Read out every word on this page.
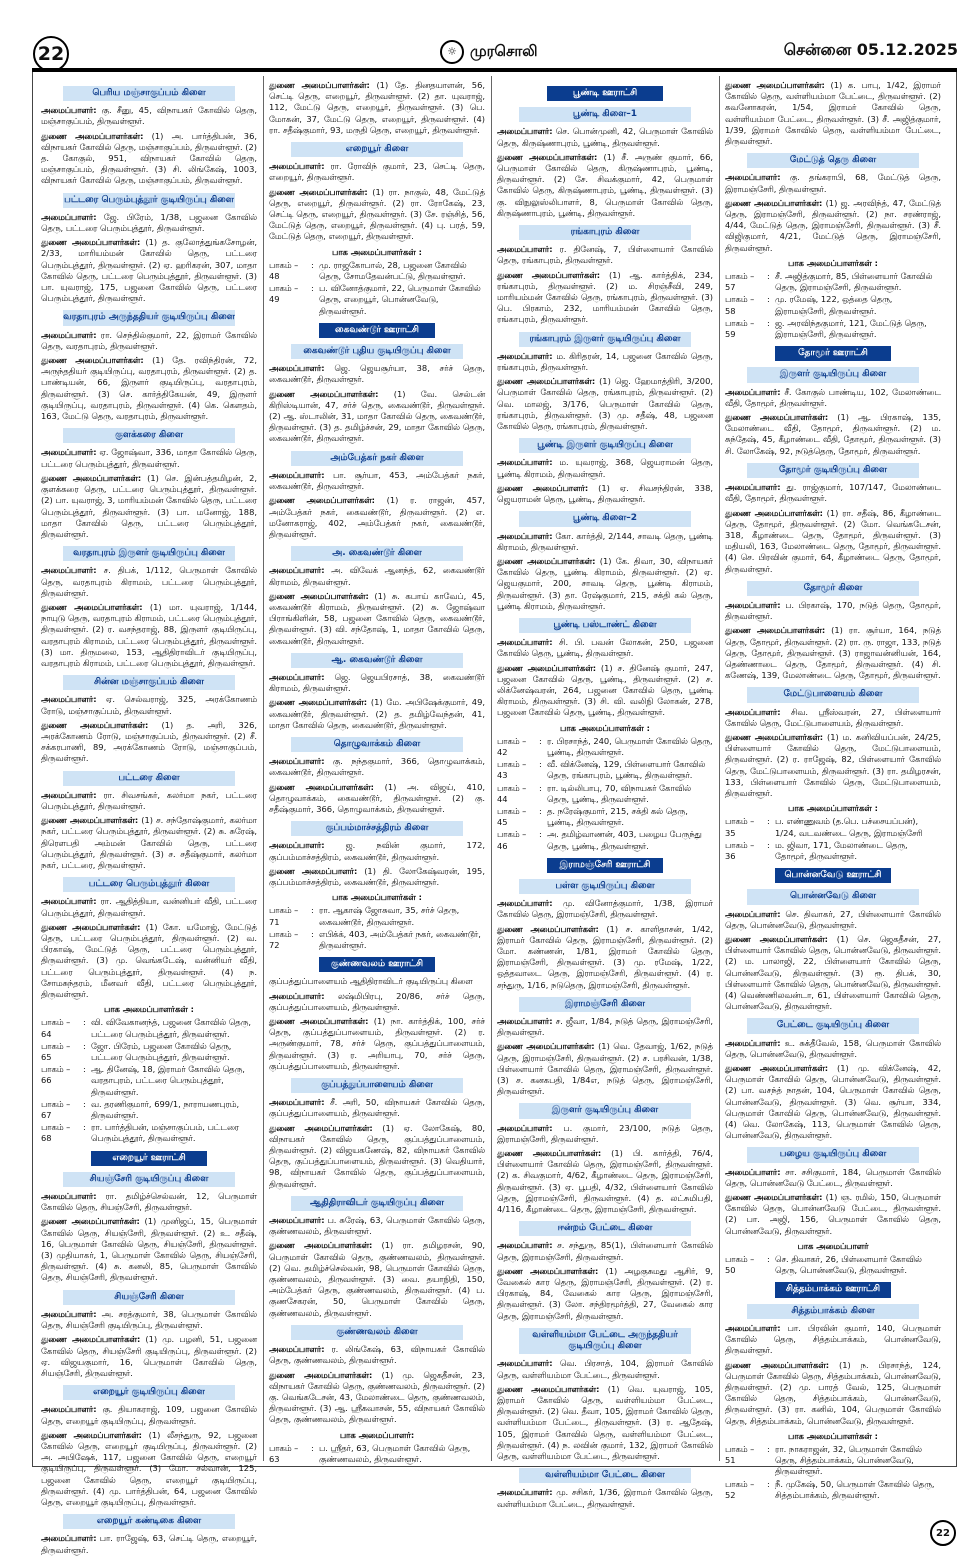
22	☼ முரசொலி	சென்னை 05.12.2025
பெரிய மஞ்சாகுப்பம் கிளை
அமைப்பாளர்: கு. சீனு, 45, விநாயகர் கோவில் தெரு, மஞ்சாகுப்பம், திருவள்ளூர்.
துணை அமைப்பாளர்கள்: (1) அ. பார்த்திபன், 36, விநாயகர் கோவில் தெரு, மஞ்சாகுப்பம், திருவள்ளூர். (2) த. கோகுல், 951, விநாயகர் கோவில் தெரு, மஞ்சாகுப்பம், திருவள்ளூர். (3) சி. லிங்கேஷ், 1003, விநாயகர் கோவில் தெரு, மஞ்சாகுப்பம், திருவள்ளூர்.
பட்டரை பெரும்புத்தூர் குடியிருப்பு கிளை
அமைப்பாளர்: ஜே. பிரேம், 1/38, பஜனை கோவில் தெரு, பட்டரை பெரும்புத்தூர், திருவள்ளூர்.
துணை அமைப்பாளர்கள்: (1) த. குலோத்துங்கசோழன், 2/33, மாரியம்மன் கோவில் தெரு, பட்டரை பெரும்புத்தூர், திருவள்ளூர். (2) ஏ. ஹரிகரன், 307, மாதா கோவில் தெரு, பட்டரை பெரும்புத்தூர், திருவள்ளூர். (3) பா. யுவராஜ், 175, பஜனை கோவில் தெரு, பட்டரை பெரும்புத்தூர், திருவள்ளூர்.
வரதாபுரம் அருந்ததியர் குடியிருப்பு கிளை
அமைப்பாளர்: ரா. செந்தில்குமார், 22, இராமர் கோவில் தெரு, வரதாபுரம், திருவள்ளூர்.
துணை அமைப்பாளர்கள்: (1) தே. ரவிந்திரன், 72, அருந்ததியர் குடியிருப்பு, வரதாபுரம், திருவள்ளூர். (2) த. பாண்டியன், 66, இருளர் குடியிருப்பு, வரதாபுரம், திருவள்ளூர். (3) செ. கார்த்திகேயன், 49, இருளர் குடியிருப்பு, வரதாபுரம், திருவள்ளூர். (4) கெ. கௌதம், 163, மேட்டு தெரு, வரதாபுரம், திருவள்ளூர்.
குளக்கரை கிளை
அமைப்பாளர்: ஏ. ஜோஷ்வா, 336, மாதா கோவில் தெரு, பட்டரை பெரும்புத்தூர், திருவள்ளூர்.
துணை அமைப்பாளர்கள்: (1) செ. இன்பத்தமிழன், 2, குளக்கரை தெரு, பட்டரை பெரும்புத்தூர், திருவள்ளூர். (2) பா. யுவராஜ், 3, மாரியம்மன் கோவில் தெரு, பட்டரை பெரும்புத்தூர், திருவள்ளூர். (3) பா. மனோஜ், 188, மாதா கோவில் தெரு, பட்டரை பெரும்புத்தூர், திருவள்ளூர்.
வரதாபுரம் இருளர் குடியிருப்பு கிளை
அமைப்பாளர்: ச. திபக், 1/112, பெருமாள் கோவில் தெரு, வரதாபுரம் கிராமம், பட்டரை பெரும்புத்தூர், திருவள்ளூர்.
துணை அமைப்பாளர்கள்: (1) மா. யுவராஜ், 1/144, நாயுடு தெரு, வரதாபுரம் கிராமம், பட்டரை பெரும்புத்தூர், திருவள்ளூர். (2) ர. வசந்தராஜ், 88, இருளர் குடியிருப்பு, வரதாபுரம் கிராமம், பட்டரை பெரும்புத்தூர், திருவள்ளூர். (3) மா. திருமலை, 153, ஆதிதிராவிடர் குடியிருப்பு, வரதாபுரம் கிராமம், பட்டரை பெரும்புத்தூர், திருவள்ளூர்.
சின்ன மஞ்சாகுப்பம் கிளை
அமைப்பாளர்: ஏ. செல்வராஜ், 325, அரக்கோணம் ரோடு, மஞ்சாகுப்பம், திருவள்ளூர்.
துணை அமைப்பாளர்கள்: (1) த. அரி, 326, அரக்கோணம் ரோடு, மஞ்சாகுப்பம், திருவள்ளூர். (2) சீ. சக்கரபாணி, 89, அரக்கோணம் ரோடு, மஞ்சாகுப்பம், திருவள்ளூர்.
பட்டரை கிளை
அமைப்பாளர்: ரா. சிவசங்கர், கலர்மா நகர், பட்டரை பெரும்புத்தூர், திருவள்ளூர்.
துணை அமைப்பாளர்கள்: (1) ச. சந்தோஷ்குமார், கலர்மா நகர், பட்டரை பெரும்புத்தூர், திருவள்ளூர். (2) சு. சுரேஷ், திரௌபதி அம்மன் கோவில் தெரு, பட்டரை பெரும்புத்தூர், திருவள்ளூர். (3) ச. சதீஷ்குமார், கலர்மா நகர், பட்டரை, திருவள்ளூர்.
பட்டரை பெரும்புத்தூர் கிளை
அமைப்பாளர்: ரா. ஆதித்தியா, வன்னியர் வீதி, பட்டரை பெரும்புத்தூர், திருவள்ளூர்.
துணை அமைப்பாளர்கள்: (1) கோ. யமோஜ், மேட்டுத் தெரு, பட்டரை பெரும்புத்தூர், திருவள்ளூர். (2) வ. பிரகாஷ், மேட்டுத் தெரு, பட்டரை பெரும்புத்தூர், திருவள்ளூர். (3) மு. வெங்கடேஷ், வன்னியர் வீதி, பட்டரை பெரும்புத்தூர், திருவள்ளூர். (4) ந. சோமசுந்தரம், மீனவர் வீதி, பட்டரை பெரும்புத்தூர், திருவள்ளூர்.
பாக அமைப்பாளர்கள் :
பாகம் – 64
: வி. விவேகானந்த், பஜனை கோவில் தெரு, பட்டரை பெரும்புத்தூர், திருவள்ளூர்.
பாகம் – 65
: ஜோ. பிரேம், பஜனை கோவில் தெரு, பட்டரை பெரும்புத்தூர், திருவள்ளூர்.
பாகம் – 66
: ஆ. தினேஷ், 18, இராமர் கோவில் தெரு, வரதாபுரம், பட்டரை பெரும்புத்தூர், திருவள்ளூர்.
பாகம் – 67
: வ. தரணிகுமார், 699/1, நாராயணபுரம், திருவள்ளூர்.
பாகம் – 68
: ரா. பார்த்திபன், மஞ்சாகுப்பம், பட்டரை பெரும்புத்தூர், திருவள்ளூர்.
எறையூர் ஊராட்சி
சியஞ்சேரி குடியிருப்பு கிளை
அமைப்பாளர்: ரா. தமிழ்ச்செல்வன், 12, பெருமாள் கோவில் தெரு, சியஞ்சேரி, திருவள்ளூர்.
துணை அமைப்பாளர்கள்: (1) முனிஜப், 15, பெருமாள் கோவில் தெரு, சியஞ்சேரி, திருவள்ளூர். (2) உ. சதீஷ், 16, பெருமாள் கோவில் தெரு, சியஞ்சேரி, திருவள்ளூர். (3) முதியாகர், 1, பெருமாள் கோவில் தெரு, சியஞ்சேரி, திருவள்ளூர். (4) சு. கனலி, 85, பெருமாள் கோவில் தெரு, சியஞ்சேரி, திருவள்ளூர்.
சியஞ்சேரி கிளை
அமைப்பாளர்: அ. சரத்குமார், 38, பெருமாள் கோவில் தெரு, சியஞ்சேரி குடியிருப்பு, திருவள்ளூர்.
துணை அமைப்பாளர்கள்: (1) மு. பழனி, 51, பஜனை கோவில் தெரு, சியஞ்சேரி குடியிருப்பு, திருவள்ளூர். (2) ஏ. விஜயகுமார், 16, பெருமாள் கோவில் தெரு, சியஞ்சேரி, திருவள்ளூர்.
எறையூர் குடியிருப்பு கிளை
அமைப்பாளர்: கு. தியாகராஜ், 109, பஜனை கோவில் தெரு, எறையூர் குடியிருப்பு, திருவள்ளூர்.
துணை அமைப்பாளர்கள்: (1) லீசந்துரு, 92, பஜனை கோவில் தெரு, எறையூர் குடியிருப்பு, திருவள்ளூர். (2) அ. அபிஷேக், 117, பஜனை கோவில் தெரு, எறையூர் குடியிருப்பு, திருவள்ளூர். (3) மோ. சல்வான், 125, பஜனை கோவில் தெரு, எறையூர் குடியிருப்பு, திருவள்ளூர். (4) மு. பார்த்திபன், 64, பஜனை கோவில் தெரு, எறையூர் குடியிருப்பு, திருவள்ளூர்.
எறையூர் கண்டிகை கிளை
அமைப்பாளர்: பா. ராஜேஷ், 63, செட்டி தெரு, எறையூர், திருவள்ளூர்.
துணை அமைப்பாளர்கள்: (1) தே. தினதயாளன், 56, செட்டி தெரு, எறையூர், திருவள்ளூர். (2) தா. யுவராஜ், 112, மேட்டு தெரு, எறையூர், திருவள்ளூர். (3) பெ. மோகன், 37, மேட்டு தெரு, எறையூர், திருவள்ளூர். (4) ரா. சதீஷ்குமார், 93, மருதி தெரு, எறையூர், திருவள்ளூர்.
எறையூர் கிளை
அமைப்பாளர்: ரா. ரோவிந் குமார், 23, செட்டி தெரு, எறையூர், திருவள்ளூர்.
துணை அமைப்பாளர்கள்: (1) ரா. நாகுல், 48, மேட்டுத் தெரு, எறையூர், திருவள்ளூர். (2) ரா. ரோகேஷ், 23, செட்டி தெரு, எறையூர், திருவள்ளூர். (3) சே. ரஞ்சித், 56, மேட்டுத் தெரு, எறையூர், திருவள்ளூர். (4) பு. பரத், 59, மேட்டுத் தெரு, எறையூர், திருவள்ளூர்.
பாக அமைப்பாளர்கள் :
பாகம் – 48
: மு. ராஜகோபால், 28, பஜனை கோவில் தெரு, சோமதேவன்பட்டு, திருவள்ளூர்.
பாகம் – 49
: ப. வினோத்குமார், 22, பெருமாள் கோவில் தெரு, எறையூர், பொன்னவேடு, திருவள்ளூர்.
கைவண்டூர் ஊராட்சி
கைவண்டூர் புதிய குடியிருப்பு கிளை
அமைப்பாளர்: ஜெ. ஜெயசூர்யா, 38, சர்ச் தெரு, கைவண்டூர், திருவள்ளூர்.
துணை அமைப்பாளர்கள்: (1) வே. செல்டன் கிறிஸ்டியான், 47, சர்ச் தெரு, கைவண்டூர், திருவள்ளூர். (2) ஆ. ஸ்டாலின், 31, மாதா கோவில் தெரு, கைவண்டூர், திருவள்ளூர். (3) த. தமிழ்ச்சன், 29, மாதா கோவில் தெரு, கைவண்டூர், திருவள்ளூர்.
அம்பேத்கர் நகர் கிளை
அமைப்பாளர்: பா. சூர்யா, 453, அம்பேத்கர் நகர், கைவண்டூர், திருவள்ளூர்.
துணை அமைப்பாளர்கள்: (1) ர. ராஜன், 457, அம்பேத்கர் நகர், கைவண்டூர், திருவள்ளூர். (2) எ. மனோகராஜ், 402, அம்பேத்கர் நகர், கைவண்டூர், திருவள்ளூர்.
அ. கைவண்டூர் கிளை
அமைப்பாளர்: அ. விவேக் ஆனந்த், 62, கைவண்டூர் கிராமம், திருவள்ளூர்.
துணை அமைப்பாளர்கள்: (1) சு. கபாய் காவேப், 45, கைவண்டூர் கிராமம், திருவள்ளூர். (2) சு. ஜோஷ்வா பிராங்கிளின், 58, பஜனை கோவில் தெரு, கைவண்டூர், திருவள்ளூர். (3) வி. சந்தோஷ், 1, மாதா கோவில் தெரு, கைவண்டூர், திருவள்ளூர்.
ஆ. கைவண்டூர் கிளை
அமைப்பாளர்: ஜெ. ஜெயபிரசாத், 38, கைவண்டூர் கிராமம், திருவள்ளூர்.
துணை அமைப்பாளர்கள்: (1) மே. அபிஷேக்குமார், 49, கைவண்டூர், திருவள்ளூர். (2) த. தமிழ்வேந்தன், 41, மாதா கோவில் தெரு, கைவண்டூர், திருவள்ளூர்.
தொழுவாக்கம் கிளை
அமைப்பாளர்: கு. நந்தகுமார், 366, தொழுவாக்கம், கைவண்டூர், திருவள்ளூர்.
துணை அமைப்பாளர்கள்: (1) அ. விஜய், 410, தொழுவாக்கம், கைவண்டூர், திருவள்ளூர். (2) கு. சதீஷ்குமார், 366, தொழுவாக்கம், திருவள்ளூர்.
குப்பம்மாச்சத்திரம் கிளை
அமைப்பாளர்:	ஜ. நவின் குமார், 172, குப்பம்மாச்சத்திரம், கைவண்டூர், திருவள்ளூர்.
துணை அமைப்பாளர்: (1) தி. லோகேஷ்வரன், 195, குப்பம்மாச்சத்திரம், கைவண்டூர், திருவள்ளூர்.
பாக அமைப்பாளர்கள் :
பாகம் – 71
: ரா. ஆகாஷ் ஜோசுவா, 35, சர்ச் தெரு, கைவண்டூர், திருவள்ளூர்.
பாகம் – 72
: எபிக்க், 403, அம்பேத்கர் நகர், கைவண்டூர், திருவள்ளூர்.
குண்ணவலம் ஊராட்சி
குப்பத்துப்பாளையம் ஆதிதிராவிடர் குடியிருப்பு கிளை
அமைப்பாளர்: லஷ்மிபிரபு, 20/86, சர்ச் தெரு, குப்பத்துப்பாளையம், திருவள்ளூர்.
துணை அமைப்பாளர்கள்: (1) நா. கார்த்திக், 100, சர்ச் தெரு, குப்பத்துப்பாளையம், திருவள்ளூர். (2) ர. அருண்குமார், 78, சர்ச் தெரு, குப்பத்துப்பாளையம், திருவள்ளூர். (3) ர. அரியாபு, 70, சர்ச் தெரு, குப்பத்துப்பாளையம், திருவள்ளூர்.
குப்பத்துப்பாளையம் கிளை
அமைப்பாளர்: சீ. அரி, 50, விநாயகர் கோவில் தெரு, குப்பத்துப்பாளையம், திருவள்ளூர்.
துணை அமைப்பாளர்கள்: (1) ஏ. லோகேஷ், 80, விநாயகர் கோவில் தெரு, குப்பத்துப்பாளையம், திருவள்ளூர். (2) விஜயகணேஷ், 82, விநாயகர் கோவில் தெரு, குப்பத்துப்பாளையம், திருவள்ளூர். (3) வெதியார், 98, விநாயகர் கோவில் தெரு, குப்பத்துப்பாளையம், திருவள்ளூர்.
ஆதிதிராவிடர் குடியிருப்பு கிளை
அமைப்பாளர்: ப. சுரேஷ், 63, பெருமாள் கோவில் தெரு, குண்ணவலம், திருவள்ளூர்.
துணை அமைப்பாளர்கள்: (1) ரா. தமிழரசன், 90, பெருமாள் கோவில் தெரு, குண்ணவலம், திருவள்ளூர். (2) வெ. தமிழ்ச்செல்வன், 98, பெருமாள் கோவில் தெரு, குண்ணவலம், திருவள்ளூர். (3) வை. தயாநிதி, 150, அம்பேத்கர் தெரு, குண்ணவலம், திருவள்ளூர். (4) ப. குணசேகரன், 50, பெருமாள் கோவில் தெரு, குண்ணவலம், திருவள்ளூர்.
குண்ணவலம் கிளை
அமைப்பாளர்: ர. லிங்கேஷ், 63, விநாயகர் கோவில் தெரு, குண்ணவலம், திருவள்ளூர்.
துணை அமைப்பாளர்கள்: (1) மு. ஜெகதீசன், 23, விநாயகர் கோவில் தெரு, குண்ணவலம், திருவள்ளூர். (2) கு. வெங்கடேசன், 43, மேலாண்டை தெரு, குண்ணவலம், திருவள்ளூர். (3) ஆ. ஸ்ரீகவாசன், 55, விநாயகர் கோவில் தெரு, குண்ணவலம், திருவள்ளூர்.
பாக அமைப்பாளர்:
பாகம் – 63
: ப. ஸ்ரீதர், 63, பெருமாள் கோவில் தெரு, குண்ணவலம், திருவள்ளூர்.
பூண்டி ஊராட்சி
பூண்டி கிளை–1
அமைப்பாளர்: செ. பொன்முனி, 42, பெருமாள் கோவில் தெரு, கிருஷ்ணாபுரம், பூண்டி, திருவள்ளூர்.
துணை அமைப்பாளர்கள்: (1) சீ. அருண் குமார், 66, பெருமாள் கோவில் தெரு, கிருஷ்ணாபுரம், பூண்டி, திருவள்ளூர். (2) சே. சிவக்குமார், 42, பெருமாள் கோவில் தெரு, கிருஷ்ணாபுரம், பூண்டி, திருவள்ளூர். (3) கு. விநுலுஸ்லிபாளர், 8, பெருமாள் கோவில் தெரு, கிருஷ்ணாபுரம், பூண்டி, திருவள்ளூர்.
ரங்காபுரம் கிளை
அமைப்பாளர்: ர. தினேஷ், 7, பிள்ளையார் கோவில் தெரு, ரங்காபுரம், திருவள்ளூர்.
துணை அமைப்பாளர்கள்: (1) ஆ. கார்த்திக், 234, ரங்காபுரம், திருவள்ளூர். (2) ம. சிரஞ்சீவி, 249, மாரியம்மன் கோவில் தெரு, ரங்காபுரம், திருவள்ளூர். (3) பெ. பிரகாம், 232, மாரியம்மன் கோவில் தெரு, ரங்காபுரம், திருவள்ளூர்.
ரங்காபுரம் இருளர் குடியிருப்பு கிளை
அமைப்பாளர்: ம. கிரிதரன், 14, பஜனை கோவில் தெரு, ரங்காபுரம், திருவள்ளூர்.
துணை அமைப்பாளர்கள்: (1) ஜெ. ஹேமாத்திரி, 3/200, பெருமாள் கோவில் தெரு, ரங்காபுரம், திருவள்ளூர். (2) வெ. மாலஜ், 3/176, பெருமாள் கோவில் தெரு, ரங்காபுரம், திருவள்ளூர். (3) மு. சதீஷ், 48, பஜனை கோவில் தெரு, ரங்காபுரம், திருவள்ளூர்.
பூண்டி இருளர் குடியிருப்பு கிளை
அமைப்பாளர்: ம. யுவராஜ், 368, ஜெயராமன் தெரு, பூண்டி கிராமம், திருவள்ளூர்.
துணை அமைப்பாளர்: (1) ஏ. சிவசந்திரன், 338, ஜெயராமன் தெரு, பூண்டி, திருவள்ளூர்.
பூண்டி கிளை–2
அமைப்பாளர்: கோ. கார்த்தி, 2/144, சாவடி தெரு, பூண்டி கிராமம், திருவள்ளூர்.
துணை அமைப்பாளர்கள்: (1) கே. திவா, 30, விநாயகர் கோவில் தெரு, பூண்டி கிராமம், திருவள்ளூர். (2) ஏ. ஜெயகுமார், 200, சாவடி தெரு, பூண்டி கிராமம், திருவள்ளூர். (3) தா. ரேஷ்குமார், 215, சக்தி கல் தெரு, பூண்டி கிராமம், திருவள்ளூர்.
பூண்டி பஸ்டாண்ட் கிளை
அமைப்பாளர்: சி. பி. பவன் லோகன், 250, பஜனை கோவில் தெரு, பூண்டி, திருவள்ளூர்.
துணை அமைப்பாளர்கள்: (1) ச. தினேஷ் குமார், 247, பஜனை கோவில் தெரு, பூண்டி, திருவள்ளூர். (2) ச. லிக்னேஷ்வரன், 264, பஜனை கோவில் தெரு, பூண்டி கிராமம், திருவள்ளூர். (3) சி. வி. வலிநி லோகன், 278, பஜனை கோவில் தெரு, பூண்டி, திருவள்ளூர்.
பாக அமைப்பாளர்கள் :
பாகம் – 42
: ர. பிரசாந்த், 240, பெருமாள் கோவில் தெரு, பூண்டி, திருவள்ளூர்.
பாகம் – 43
: வீ. விக்னேஷ், 129, பிள்ளையார் கோவில் தெரு, ரங்காபுரம், பூண்டி, திருவள்ளூர்.
பாகம் – 44
: ரா. டில்லிபாபு, 70, விநாயகர் கோவில் தெரு, பூண்டி, திருவள்ளூர்.
பாகம் – 45
: த. நரேஷ்குமார், 215, சக்தி கல் தெரு, பூண்டி, திருவள்ளூர்.
பாகம் – 46
: அ. தமிழ்வாணன், 403, பழைய பேருந்து தெரு, பூண்டி, திருவள்ளூர்.
இராமஞ்சேரி ஊராட்சி
பள்ள குடியிருப்பு கிளை
அமைப்பாளர்: மு. வினோத்குமார், 1/38, இராமர் கோவில் தெரு, இராமஞ்சேரி, திருவள்ளூர்.
துணை அமைப்பாளர்கள்: (1) ச. காளிதாசன், 1/42, இராமர் கோவில் தெரு, இராமஞ்சேரி, திருவள்ளூர். (2) மோ. கண்ணன், 1/81, இராமர் கோவில் தெரு, இராமஞ்சேரி, திருவள்ளூர். (3) மு. ரமேஷ், 1/22, ஒத்தவாடை தெரு, இராமஞ்சேரி, திருவள்ளூர். (4) ர. சந்துரு, 1/16, நடுதெரு, இராமஞ்சேரி, திருவள்ளூர்.
இராமஞ்சேரி கிளை
அமைப்பாளர்: ச. ஜீவா, 1/84, நடுத் தெரு, இராமஞ்சேரி, திருவள்ளூர்.
துணை அமைப்பாளர்கள்: (1) வெ. தேவாஜ், 1/62, நடுத் தெரு, இராமஞ்சேரி, திருவள்ளூர். (2) ச. பரசிவன், 1/38, பிள்ளையார் கோவில் தெரு, இராமஞ்சேரி, திருவள்ளூர். (3) ச. கனகபதி, 1/84எ, நடுத் தெரு, இராமஞ்சேரி, திருவள்ளூர்.
இருளர் குடியிருப்பு கிளை
அமைப்பாளர்: ப. குமார், 23/100, நடுத் தெரு, இராமஞ்சேரி, திருவள்ளூர்.
துணை அமைப்பாளர்கள்: (1) பி. கார்த்தி, 76/4, பிள்ளையார் கோவில் தெரு, இராமஞ்சேரி, திருவள்ளூர். (2) க. சிவகுமார், 4/62, கீழாண்டை தெரு, இராமஞ்சேரி, திருவள்ளூர். (3) ஏ. பூபதி, 4/32, பிள்ளையார் கோவில் தெரு, இராமஞ்சேரி, திருவள்ளூர். (4) த. லட்சுமிபதி, 4/116, கீழாண்டை தெரு, இராமஞ்சேரி, திருவள்ளூர்.
ஈன்றம் பேட்டை கிளை
அமைப்பாளர்: ச. சந்துரு, 85(1), பிள்ளையார் கோவில் தெரு, இராமஞ்சேரி, திருவள்ளூர்.
துணை அமைப்பாளர்கள்: (1) அழகுசுமது ஆசிர், 9, வேகைல் கார தெரு, இராமஞ்சேரி, திருவள்ளூர். (2) ர. பிரகாஷ், 84, வேகைல் கார தெரு, இராமஞ்சேரி, திருவள்ளூர். (3) லோ. சந்திரமூர்த்தி, 27, வேகைல் கார தெரு, இராமஞ்சேரி, திருவள்ளூர்.
வள்ளியம்மா பேட்டை அருந்ததியர் குடியிருப்பு கிளை
அமைப்பாளர்: வெ. பிரசாத், 104, இராமர் கோவில் தெரு, வள்ளியம்மா பேட்டை, திருவள்ளூர்.
துணை அமைப்பாளர்கள்: (1) வெ. யுவராஜ், 105, இராமர் கோவில் தெரு, வள்ளியம்மா பேட்டை, திருவள்ளூர். (2) வெ. தீவா, 105, இராமர் கோவில் தெரு, வள்ளியம்மா பேட்டை, திருவள்ளூர். (3) ர. ஆதேஷ், 105, இராமர் கோவில் தெரு, வள்ளியம்மா பேட்டை, திருவள்ளூர். (4) ந. லவின் குமார், 132, இராமர் கோவில் தெரு, வள்ளியம்மா பேட்டை, திருவள்ளூர்.
வள்ளியம்மா பேட்டை கிளை
அமைப்பாளர்: மு. சசிகர், 1/36, இராமர் கோவில் தெரு, வள்ளியம்மா பேட்டை, திருவள்ளூர்.
துணை அமைப்பாளர்கள்: (1) க. பாபு, 1/42, இராமர் கோவில் தெரு, வள்ளியம்மா பேட்டை, திருவள்ளூர். (2) கவனோகரன், 1/54, இராமர் கோவில் தெரு, வள்ளியம்மா பேட்டை, திருவள்ளூர். (3) சீ. அஜித்குமார், 1/39, இராமர் கோவில் தெரு, வள்ளியம்மா பேட்டை, திருவள்ளூர்.
மேட்டுத் தெரு கிளை
அமைப்பாளர்: கு. தங்கராபி, 68, மேட்டுத் தெரு, இராமஞ்சேரி, திருவள்ளூர்.
துணை அமைப்பாளர்கள்: (1) ஜ. அரவிந்த், 47, மேட்டுத் தெரு, இராமஞ்சேரி, திருவள்ளூர். (2) நா. சரண்ராஜ், 4/44, மேட்டுத் தெரு, இராமஞ்சேரி, திருவள்ளூர். (3) சீ. விஜிகுமார், 4/21, மேட்டுத் தெரு, இராமஞ்சேரி, திருவள்ளூர்.
பாக அமைப்பாளர்கள் :
பாகம் – 57
: சீ. அஜித்குமார், 85, பிள்ளையார் கோவில் தெரு, இராமஞ்சேரி, திருவள்ளூர்.
பாகம் – 58
: மு. ரமேஷ், 122, ஒத்தை தெரு, இராமஞ்சேரி, திருவள்ளூர்.
பாகம் – 59
: ஜ. அரவிந்தகுமார், 121, மேட்டுத் தெரு, இராமஞ்சேரி, திருவள்ளூர்.
தோமூர் ஊராட்சி
இருளர் குடியிருப்பு கிளை
அமைப்பாளர்: சீ. கோகுல் பாண்டிய, 102, மேலாண்டை வீதி, தோமூர், திருவள்ளூர்.
துணை அமைப்பாளர்கள்: (1) ஆ. பிரகாஷ், 135, மேலாண்டை வீதி, தோமூர், திருவள்ளூர். (2) ம. சுந்தேஷ், 45, கீழாண்டை வீதி, தோமூர், திருவள்ளூர். (3) சி. லோகேஷ், 92, நடுத்தெரு, தோமூர், திருவள்ளூர்.
தோமூர் குடியிருப்பு கிளை
அமைப்பாளர்: து. ராஜ்குமார், 107/147, மேலாண்டை வீதி, தோமூர், திருவள்ளூர்.
துணை அமைப்பாளர்கள்: (1) ரா. சதீஷ், 86, கீழாண்டை தெரு, தோமூர், திருவள்ளூர். (2) மோ. வெங்கடேசன், 318, கீழாண்டை தெரு, தோமூர், திருவள்ளூர். (3) மதியலி, 163, மேலாண்டை தெரு, தோமூர், திருவள்ளூர். (4) செ. பிரவின் குமார், 64, கீழாண்டை தெரு, தோமூர், திருவள்ளூர்.
தோமூர் கிளை
அமைப்பாளர்: ப. பிரகாஷ், 170, நடுத் தெரு, தோமூர், திருவள்ளூர்.
துணை அமைப்பாளர்கள்: (1) ரா. சூர்யா, 164, நடுத் தெரு, தோமூர், திருவள்ளூர். (2) ரா. ரு. ராஜா, 133, நடுத் தெரு, தோமூர், திருவள்ளூர். (3) ராஜாவன்னியன், 164, தெண்ணாடை தெரு, தோமூர், திருவள்ளூர். (4) சி. கணேஷ், 139, மேலாண்டை தெரு, தோமூர், திருவள்ளூர்.
மேட்டுபாளையம் கிளை
அமைப்பாளர்: சிவ. ஸ்ரீஸ்வரன், 27, பிள்ளையார் கோவில் தெரு, மேட்டுபாளையம், திருவள்ளூர்.
துணை அமைப்பாளர்கள்: (1) ம. கனிவியப்பன், 24/25, பிள்ளையார் கோவில் தெரு, மேட்டுபாளையம், திருவள்ளூர். (2) ர. ராஜேஷ், 82, பிள்ளையார் கோவில் தெரு, மேட்டுபாளையம், திருவள்ளூர். (3) ரா. தமிழரசன், 133, பிள்ளையார் கோவில் தெரு, மேட்டுபாளையம், திருவள்ளூர்.
பாக அமைப்பாளர்கள் :
பாகம் – 35
: ப. எண்ணுவம் (த.பெ. பச்சையப்பன்), 1/24, வடவண்டை தெரு, இராமஞ்சேரி
பாகம் – 36
: ம. ஜிவா, 171, மேலாண்டை தெரு, தோமூர், திருவள்ளூர்.
பொன்னவேடு ஊராட்சி
பொன்னவேடு கிளை
அமைப்பாளர்: செ. திவாகர், 27, பிள்ளையார் கோவில் தெரு, பொன்னவேடு, திருவள்ளூர்.
துணை அமைப்பாளர்கள்: (1) செ. ஜெகதீசன், 27, பிள்ளையார் கோவில் தெரு, பொன்னவேடு, திருவள்ளூர். (2) ம. பாலாஜி, 22, பிள்ளையார் கோவில் தெரு, பொன்னவேடு, திருவள்ளூர். (3) ரூ. திபக், 30, பிள்ளையார் கோவில் தெரு, பொன்னவேடு, திருவள்ளூர். (4) வெண்ணிலவன்டா, 61, பிள்ளையார் கோவில் தெரு, பொன்னவேடு, திருவள்ளூர்.
பேட்டை குடியிருப்பு கிளை
அமைப்பாளர்: உ. சுக்தீவேல், 158, பெருமாள் கோவில் தெரு, பொன்னவேடு, திருவள்ளூர்.
துணை அமைப்பாளர்கள்: (1) மு. விக்னேஷ், 42, பெருமாள் கோவில் தெரு, பொன்னவேடு, திருவள்ளூர். (2) பா. வசந்த் நாதன், 104, பெருமாள் கோவில் தெரு, பொன்னவேடு, திருவள்ளூர். (3) வெ. சூர்யா, 334, பெருமாள் கோவில் தெரு, பொன்னவேடு, திருவள்ளூர். (4) வெ. லோகேஷ், 113, பெருமாள் கோவில் தெரு, பொன்னவேடு, திருவள்ளூர்.
பழைய குடியிருப்பு கிளை
அமைப்பாளர்: சா. சசிகுமார், 184, பெருமாள் கோவில் தெரு, பொன்னவேடு பேட்டை, திருவள்ளூர்.
துணை அமைப்பாளர்கள்: (1) ஞ. ரமில், 150, பெருமாள் கோவில் தெரு, பொன்னவேடு பேட்டை, திருவள்ளூர். (2) பா. அஜி, 156, பெருமாள் கோவில் தெரு, பொன்னவேடு, திருவள்ளூர்.
பாக அமைப்பாளர்
பாகம் – 50
: செ. திவாகர், 26, பிள்ளையார் கோவில் தெரு, பொன்னவேடு, திருவள்ளூர்.
சித்தம்பாக்கம் ஊராட்சி
சித்தம்பாக்கம் கிளை
அமைப்பாளர்: பா. பிரவின் குமார், 140, பெருமாள் கோவில் தெரு, சித்தம்பாக்கம், பொன்னவேடு, திருவள்ளூர்.
துணை அமைப்பாளர்கள்: (1) ந. பிரசாந்த், 124, பெருமாள் கோவில் தெரு, சித்தம்பாக்கம், பொன்னவேடு, திருவள்ளூர். (2) மு. பாரத் வேல், 125, பெருமாள் கோவில் தெரு, சித்தம்பாக்கம், பொன்னவேடு, திருவள்ளூர். (3) ரா. கனில், 104, பெருமாள் கோவில் தெரு, சித்தம்பாக்கம், பொன்னவேடு, திருவள்ளூர்.
பாக அமைப்பாளர்கள் :
பாகம் – 51
: ரா. நாகராஜன், 32, பெருமாள் கோவில் தெரு, சித்தம்பாக்கம், பொன்னவேடு, திருவள்ளூர்.
பாகம் – 52
: நீ. முகேஷ், 50, பெருமாள் கோவில் தெரு, சித்தம்பாக்கம், திருவள்ளூர்.
22
